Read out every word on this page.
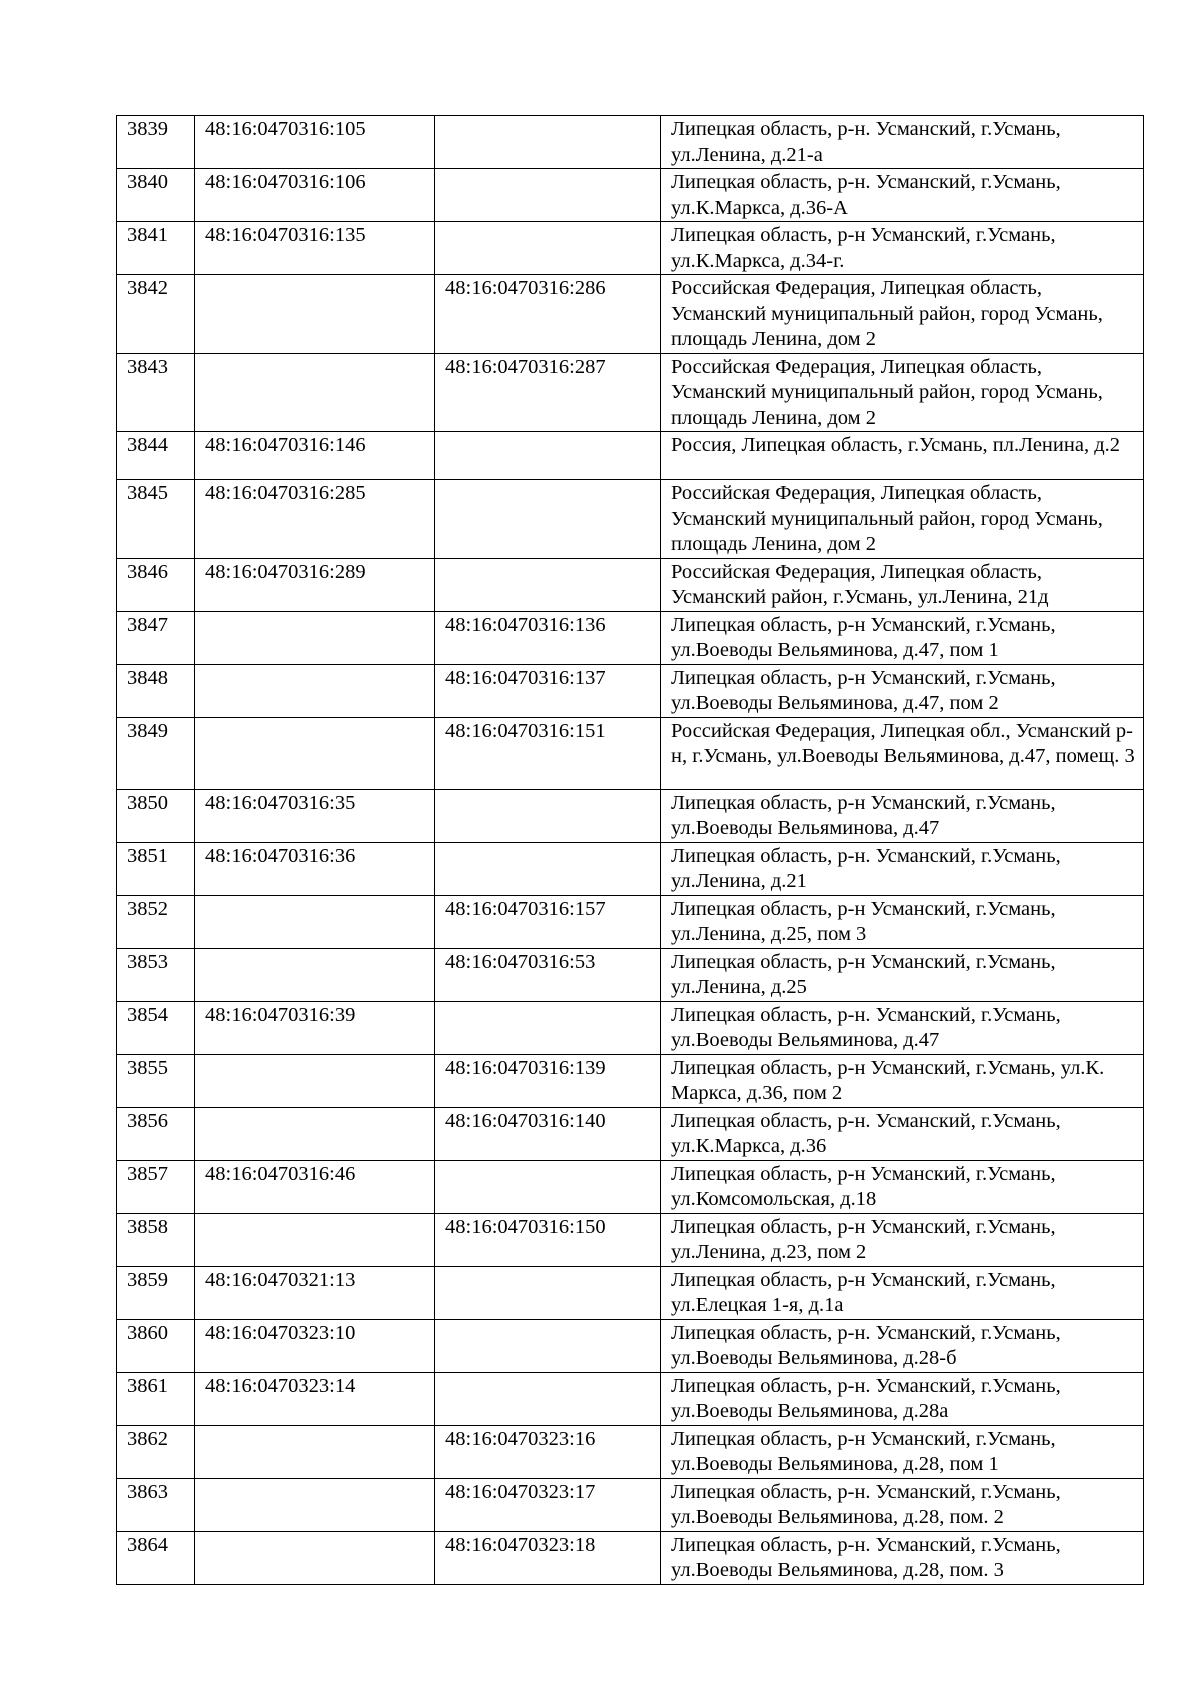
3839	48:16:0470316:105		Липецкая область, р-н. Усманский, г.Усмань, ул.Ленина, д.21-а
3840	48:16:0470316:106		Липецкая область, р-н. Усманский, г.Усмань, ул.К.Маркса, д.36-А
3841	48:16:0470316:135		Липецкая область, р-н Усманский, г.Усмань, ул.К.Маркса, д.34-г.
3842		48:16:0470316:286	Российская Федерация, Липецкая область, Усманский муниципальный район, город Усмань, площадь Ленина, дом 2
3843		48:16:0470316:287	Российская Федерация, Липецкая область, Усманский муниципальный район, город Усмань, площадь Ленина, дом 2
3844	48:16:0470316:146		Россия, Липецкая область, г.Усмань, пл.Ленина, д.2
3845	48:16:0470316:285		Российская Федерация, Липецкая область, Усманский муниципальный район, город Усмань, площадь Ленина, дом 2
3846	48:16:0470316:289		Российская Федерация, Липецкая область, Усманский район, г.Усмань, ул.Ленина, 21д
3847		48:16:0470316:136	Липецкая область, р-н Усманский, г.Усмань, ул.Воеводы Вельяминова, д.47, пом 1
3848		48:16:0470316:137	Липецкая область, р-н Усманский, г.Усмань, ул.Воеводы Вельяминова, д.47, пом 2
3849		48:16:0470316:151	Российская Федерация, Липецкая обл., Усманский р-н, г.Усмань, ул.Воеводы Вельяминова, д.47, помещ. 3
3850	48:16:0470316:35		Липецкая область, р-н Усманский, г.Усмань, ул.Воеводы Вельяминова, д.47
3851	48:16:0470316:36		Липецкая область, р-н. Усманский, г.Усмань, ул.Ленина, д.21
3852		48:16:0470316:157	Липецкая область, р-н Усманский, г.Усмань, ул.Ленина, д.25, пом 3
3853		48:16:0470316:53	Липецкая область, р-н Усманский, г.Усмань, ул.Ленина, д.25
3854	48:16:0470316:39		Липецкая область, р-н. Усманский, г.Усмань, ул.Воеводы Вельяминова, д.47
3855		48:16:0470316:139	Липецкая область, р-н Усманский, г.Усмань, ул.К. Маркса, д.36, пом 2
3856		48:16:0470316:140	Липецкая область, р-н. Усманский, г.Усмань, ул.К.Маркса, д.36
3857	48:16:0470316:46		Липецкая область, р-н Усманский, г.Усмань, ул.Комсомольская, д.18
3858		48:16:0470316:150	Липецкая область, р-н Усманский, г.Усмань, ул.Ленина, д.23, пом 2
3859	48:16:0470321:13		Липецкая область, р-н Усманский, г.Усмань, ул.Елецкая 1-я, д.1а
3860	48:16:0470323:10		Липецкая область, р-н. Усманский, г.Усмань, ул.Воеводы Вельяминова, д.28-б
3861	48:16:0470323:14		Липецкая область, р-н. Усманский, г.Усмань, ул.Воеводы Вельяминова, д.28а
3862		48:16:0470323:16	Липецкая область, р-н Усманский, г.Усмань, ул.Воеводы Вельяминова, д.28, пом 1
3863		48:16:0470323:17	Липецкая область, р-н. Усманский, г.Усмань, ул.Воеводы Вельяминова, д.28, пом. 2
3864		48:16:0470323:18	Липецкая область, р-н. Усманский, г.Усмань, ул.Воеводы Вельяминова, д.28, пом. 3
